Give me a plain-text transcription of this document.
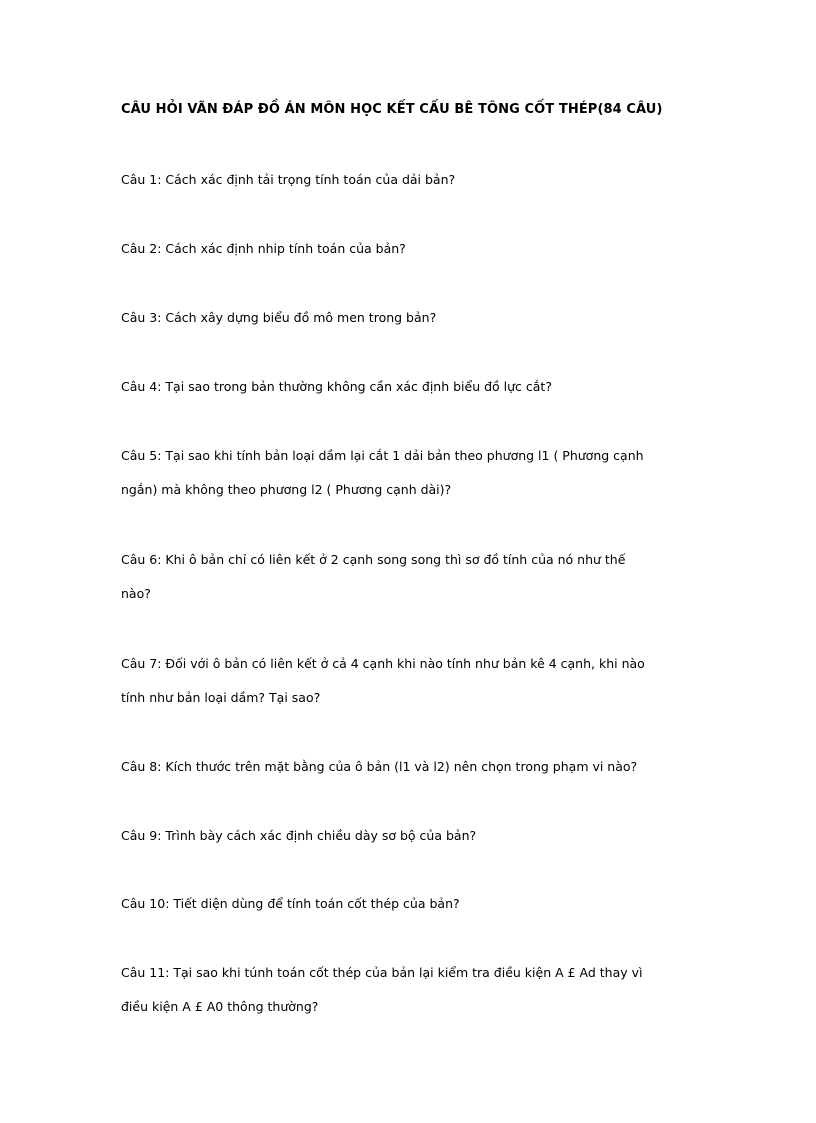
CÂU HỎI VÃN ĐÁP ĐỒ ÁN MÔN HỌC KẾT CẤU BÊ TÔNG CỐT THÉP(84 CÂU)
Câu 1: Cách xác định tải trọng tính toán của dải bản?
Câu 2: Cách xác định nhip tính toán của bản?
Câu 3: Cách xây dựng biểu đồ mô men trong bản?
Câu 4: Tại sao trong bản thường không cần xác định biểu đồ lực cắt?
Câu 5: Tại sao khi tính bản loại dầm lại cắt 1 dải bản theo phương l1 ( Phương cạnh
ngắn) mà không theo phương l2 ( Phương cạnh dài)?
Câu 6: Khi ô bản chỉ có liên kết ở 2 cạnh song song thì sơ đồ tính của nó như thế
nào?
Câu 7: Đối với ô bản có liên kết ở cả 4 cạnh khi nào tính như bản kê 4 cạnh, khi nào
tính như bản loại dầm? Tại sao?
Câu 8: Kích thước trên mặt bằng của ô bản (l1 và l2) nên chọn trong phạm vi nào?
Câu 9: Trình bày cách xác định chiều dày sơ bộ của bản?
Câu 10: Tiết diện dùng để tính toán cốt thép của bản?
Câu 11: Tại sao khi túnh toán cốt thép của bản lại kiểm tra điều kiện A £ Ad thay vì
điều kiện A £ A0 thông thường?
